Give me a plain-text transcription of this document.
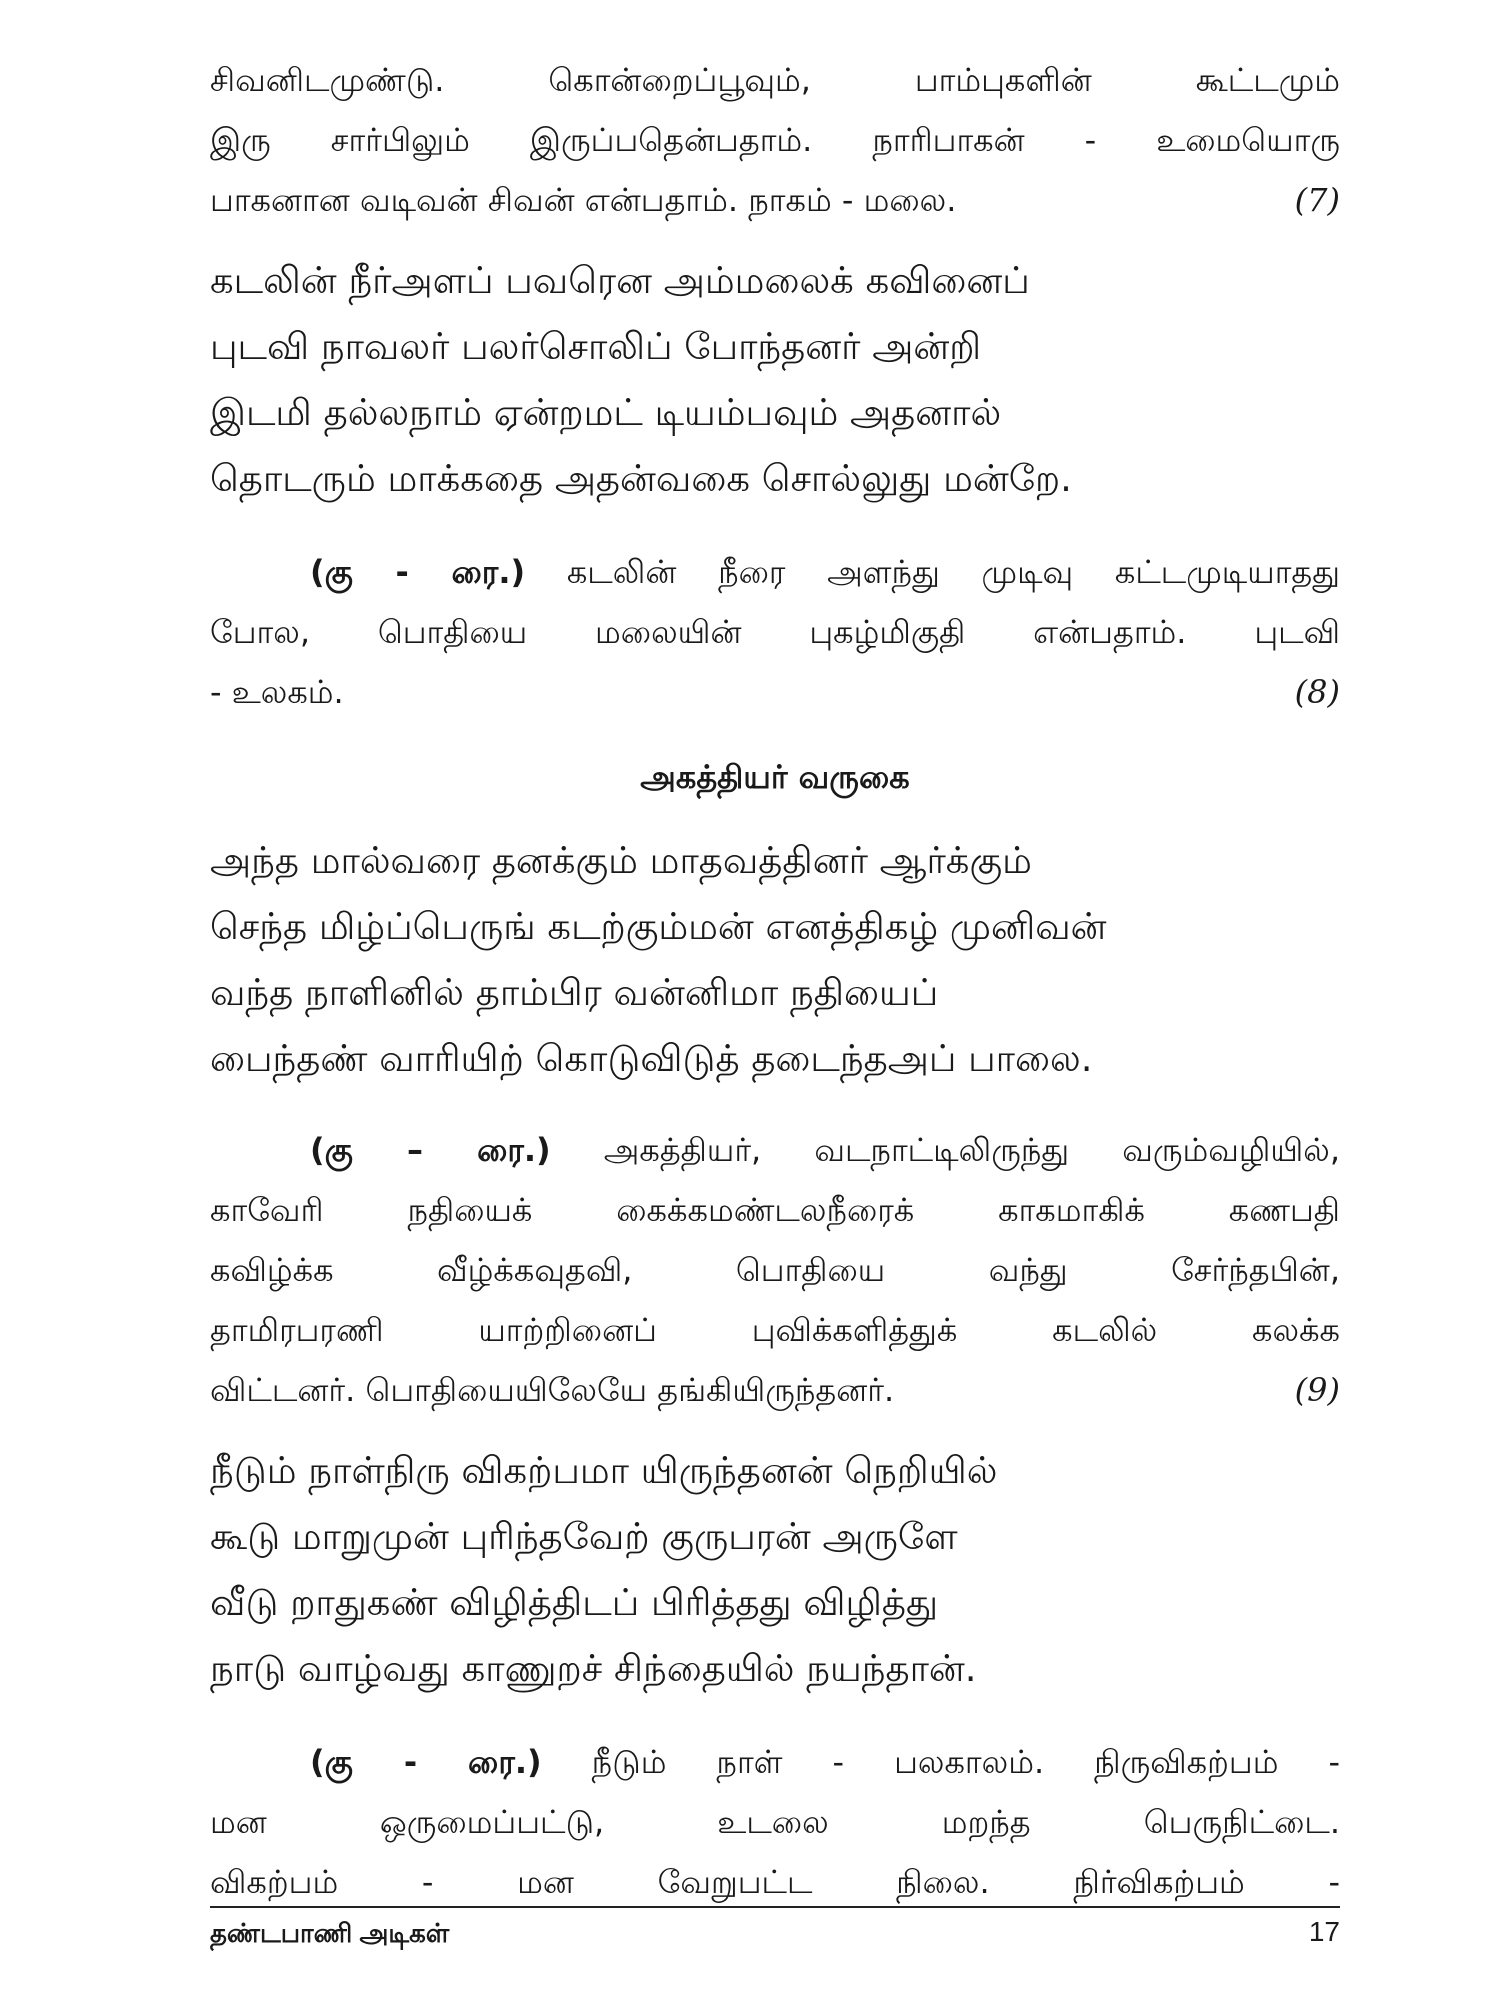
சிவனிடமுண்டு. கொன்றைப்பூவும், பாம்புகளின் கூட்டமும்
இரு சார்பிலும் இருப்பதென்பதாம். நாரிபாகன் - உமையொரு
பாகனான வடிவன் சிவன் என்பதாம். நாகம் - மலை.	(7)
கடலின் நீர்அளப் பவரென அம்மலைக் கவினைப்
புடவி நாவலர் பலர்சொலிப் போந்தனர் அன்றி
இடமி தல்லநாம் ஏன்றமட் டியம்பவும் அதனால்
தொடரும் மாக்கதை அதன்வகை சொல்லுது மன்றே.
(கு - ரை.) கடலின் நீரை அளந்து முடிவு கட்டமுடியாதது
போல, பொதியை மலையின் புகழ்மிகுதி என்பதாம். புடவி
- உலகம்.	(8)
அகத்தியர் வருகை
அந்த மால்வரை தனக்கும் மாதவத்தினர் ஆர்க்கும்
செந்த மிழ்ப்பெருங் கடற்கும்மன் எனத்திகழ் முனிவன்
வந்த நாளினில் தாம்பிர வன்னிமா நதியைப்
பைந்தண் வாரியிற் கொடுவிடுத் தடைந்தஅப் பாலை.
(கு – ரை.) அகத்தியர், வடநாட்டிலிருந்து வரும்வழியில்,
காவேரி நதியைக் கைக்கமண்டலநீரைக் காகமாகிக் கணபதி
கவிழ்க்க வீழ்க்கவுதவி, பொதியை வந்து சேர்ந்தபின்,
தாமிரபரணி யாற்றினைப் புவிக்களித்துக் கடலில் கலக்க
விட்டனர். பொதியையிலேயே தங்கியிருந்தனர்.	(9)
நீடும் நாள்நிரு விகற்பமா யிருந்தனன் நெறியில்
கூடு மாறுமுன் புரிந்தவேற் குருபரன் அருளே
வீடு றாதுகண் விழித்திடப் பிரித்தது விழித்து
நாடு வாழ்வது காணுறச் சிந்தையில் நயந்தான்.
(கு - ரை.) நீடும் நாள் - பலகாலம். நிருவிகற்பம் -
மன ஒருமைப்பட்டு, உடலை மறந்த பெருநிட்டை.
விகற்பம் - மன வேறுபட்ட நிலை. நிர்விகற்பம் -
தண்டபாணி அடிகள்	17
